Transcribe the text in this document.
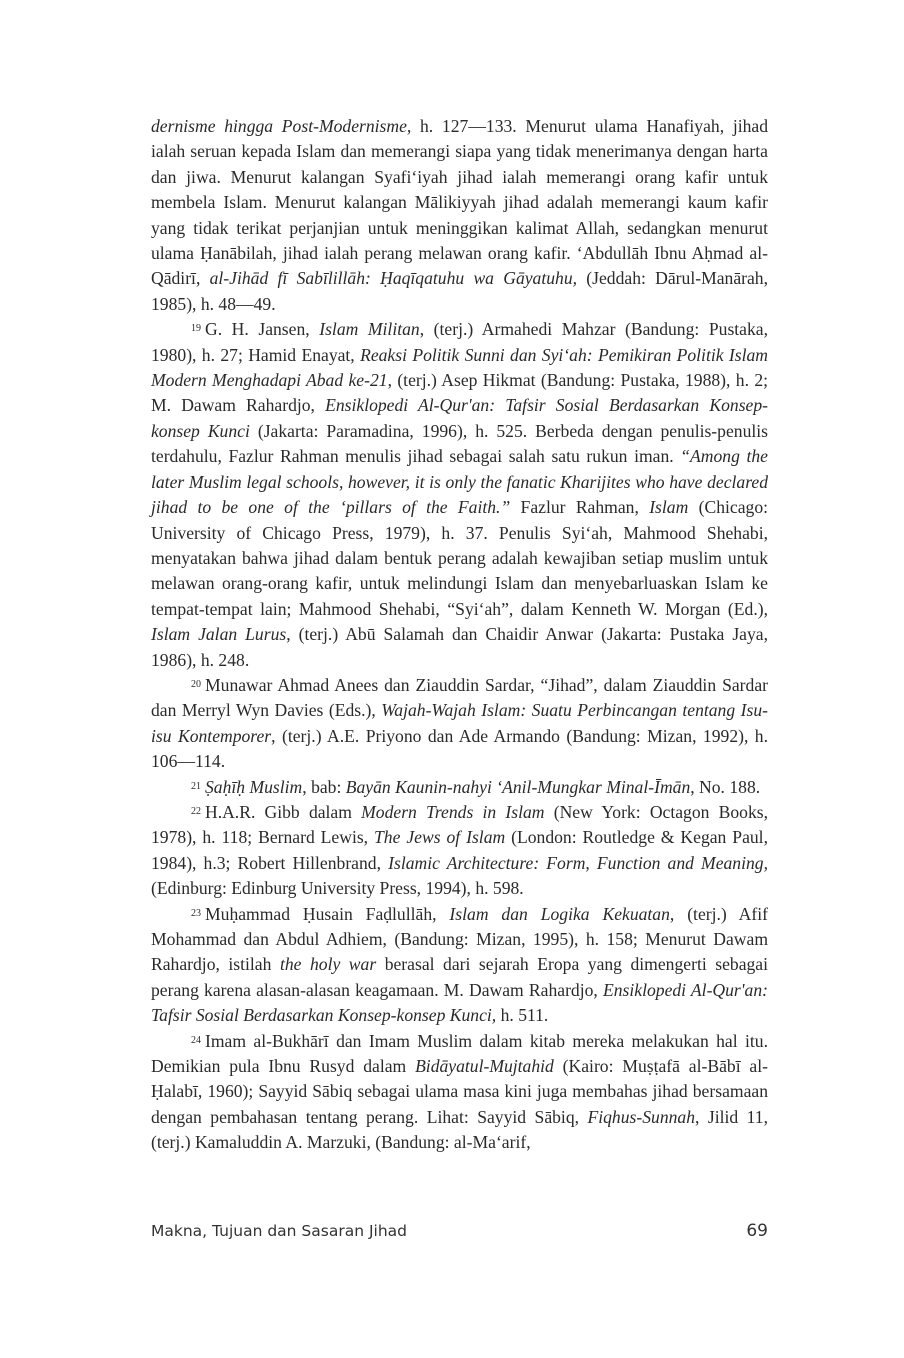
dernisme hingga Post-Modernisme, h. 127—133. Menurut ulama Hanafiyah, jihad ialah seruan kepada Islam dan memerangi siapa yang tidak menerimanya dengan harta dan jiwa. Menurut kalangan Syafi‘iyah jihad ialah memerangi orang kafir untuk membela Islam. Menurut kalangan Mālikiyyah jihad adalah memerangi kaum kafir yang tidak terikat perjanjian untuk meninggikan kalimat Allah, sedangkan menurut ulama Ḥanābilah, jihad ialah perang melawan orang kafir. ‘Abdullāh Ibnu Aḥmad al-Qādirī, al-Jihād fī Sabīlillāh: Ḥaqīqatuhu wa Gāyatuhu, (Jeddah: Dārul-Manārah, 1985), h. 48—49.

$^{19}$ G. H. Jansen, Islam Militan, (terj.) Armahedi Mahzar (Bandung: Pustaka, 1980), h. 27; Hamid Enayat, Reaksi Politik Sunni dan Syi‘ah: Pemikiran Politik Islam Modern Menghadapi Abad ke-21, (terj.) Asep Hikmat (Bandung: Pustaka, 1988), h. 2; M. Dawam Rahardjo, Ensiklopedi Al-Qur'an: Tafsir Sosial Berdasarkan Konsep-konsep Kunci (Jakarta: Paramadina, 1996), h. 525. Berbeda dengan penulis-penulis terdahulu, Fazlur Rahman menulis jihad sebagai salah satu rukun iman. “Among the later Muslim legal schools, however, it is only the fanatic Kharijites who have declared jihad to be one of the ‘pillars of the Faith.” Fazlur Rahman, Islam (Chicago: University of Chicago Press, 1979), h. 37. Penulis Syi‘ah, Mahmood Shehabi, menyatakan bahwa jihad dalam bentuk perang adalah kewajiban setiap muslim untuk melawan orang-orang kafir, untuk melindungi Islam dan menyebarluaskan Islam ke tempat-tempat lain; Mahmood Shehabi, “Syi‘ah”, dalam Kenneth W. Morgan (Ed.), Islam Jalan Lurus, (terj.) Abū Salamah dan Chaidir Anwar (Jakarta: Pustaka Jaya, 1986), h. 248.

$^{20}$ Munawar Ahmad Anees dan Ziauddin Sardar, “Jihad”, dalam Ziauddin Sardar dan Merryl Wyn Davies (Eds.), Wajah-Wajah Islam: Suatu Perbincangan tentang Isu-isu Kontemporer, (terj.) A.E. Priyono dan Ade Armando (Bandung: Mizan, 1992), h. 106—114.

$^{21}$ Ṣaḥīḥ Muslim, bab: Bayān Kaunin-nahyi ‘Anil-Mungkar Minal-Īmān, No. 188.

$^{22}$ H.A.R. Gibb dalam Modern Trends in Islam (New York: Octagon Books, 1978), h. 118; Bernard Lewis, The Jews of Islam (London: Routledge & Kegan Paul, 1984), h.3; Robert Hillenbrand, Islamic Architecture: Form, Function and Meaning, (Edinburg: Edinburg University Press, 1994), h. 598.

$^{23}$ Muḥammad Ḥusain Faḍlullāh, Islam dan Logika Kekuatan, (terj.) Afif Mohammad dan Abdul Adhiem, (Bandung: Mizan, 1995), h. 158; Menurut Dawam Rahardjo, istilah the holy war berasal dari sejarah Eropa yang dimengerti sebagai perang karena alasan-alasan keagamaan. M. Dawam Rahardjo, Ensiklopedi Al-Qur'an: Tafsir Sosial Berdasarkan Konsep-konsep Kunci, h. 511.

$^{24}$ Imam al-Bukhārī dan Imam Muslim dalam kitab mereka melakukan hal itu. Demikian pula Ibnu Rusyd dalam Bidāyatul-Mujtahid (Kairo: Muṣṭafā al-Bābī al-Ḥalabī, 1960); Sayyid Sābiq sebagai ulama masa kini juga membahas jihad bersamaan dengan pembahasan tentang perang. Lihat: Sayyid Sābiq, Fiqhus-Sunnah, Jilid 11, (terj.) Kamaluddin A. Marzuki, (Bandung: al-Ma‘arif,

Makna, Tujuan dan Sasaran Jihad	69
